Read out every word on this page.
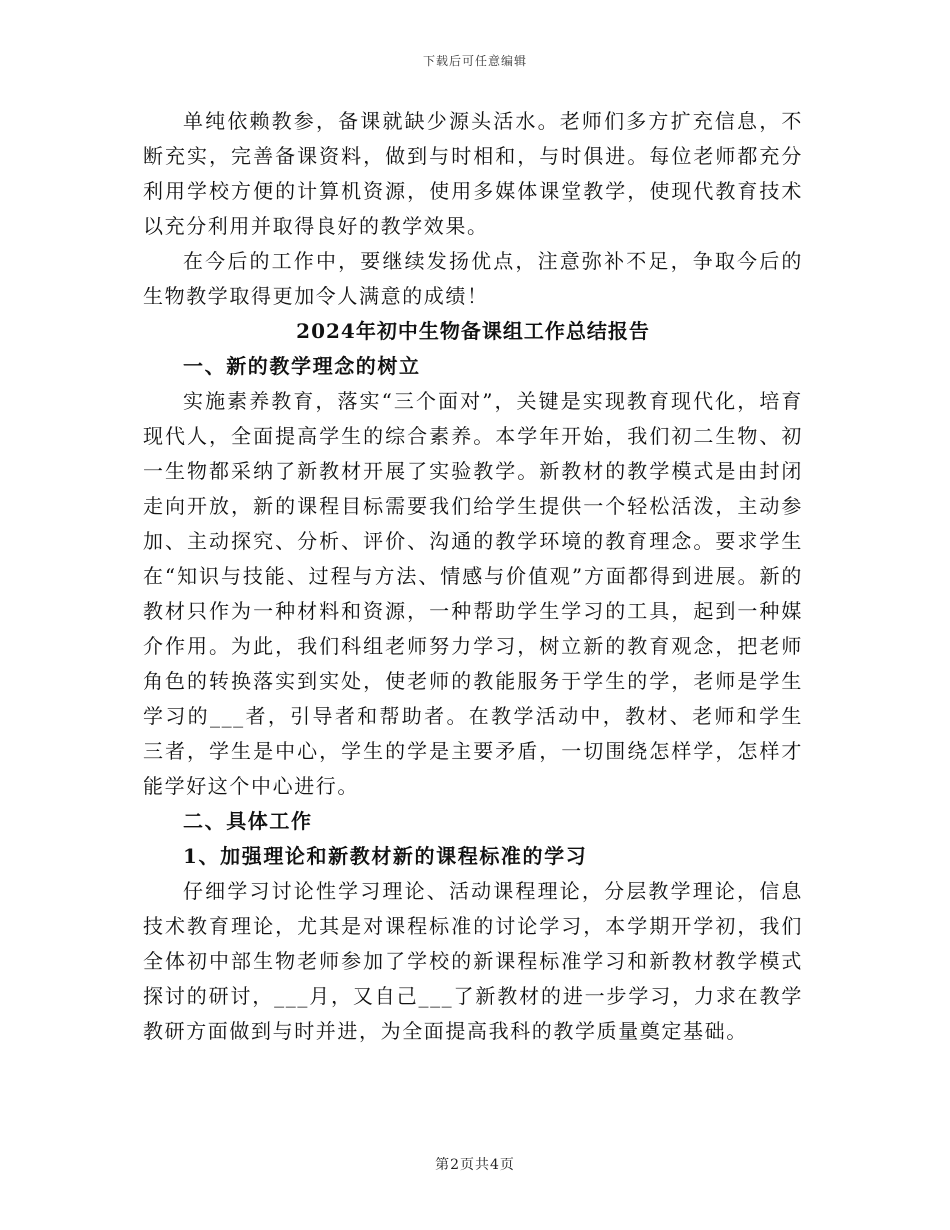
下载后可任意编辑

单纯依赖教参，备课就缺少源头活水。老师们多方扩充信息，不断充实，完善备课资料，做到与时相和，与时俱进。每位老师都充分利用学校方便的计算机资源，使用多媒体课堂教学，使现代教育技术以充分利用并取得良好的教学效果。

在今后的工作中，要继续发扬优点，注意弥补不足，争取今后的生物教学取得更加令人满意的成绩！

2024年初中生物备课组工作总结报告

一、新的教学理念的树立

实施素养教育，落实“三个面对”，关键是实现教育现代化，培育现代人，全面提高学生的综合素养。本学年开始，我们初二生物、初一生物都采纳了新教材开展了实验教学。新教材的教学模式是由封闭走向开放，新的课程目标需要我们给学生提供一个轻松活泼，主动参加、主动探究、分析、评价、沟通的教学环境的教育理念。要求学生在“知识与技能、过程与方法、情感与价值观”方面都得到进展。新的教材只作为一种材料和资源，一种帮助学生学习的工具，起到一种媒介作用。为此，我们科组老师努力学习，树立新的教育观念，把老师角色的转换落实到实处，使老师的教能服务于学生的学，老师是学生学习的___者，引导者和帮助者。在教学活动中，教材、老师和学生三者，学生是中心，学生的学是主要矛盾，一切围绕怎样学，怎样才能学好这个中心进行。

二、具体工作

1、加强理论和新教材新的课程标准的学习

仔细学习讨论性学习理论、活动课程理论，分层教学理论，信息技术教育理论，尤其是对课程标准的讨论学习，本学期开学初，我们全体初中部生物老师参加了学校的新课程标准学习和新教材教学模式探讨的研讨，___月，又自己___了新教材的进一步学习，力求在教学教研方面做到与时并进，为全面提高我科的教学质量奠定基础。

第2页共4页
